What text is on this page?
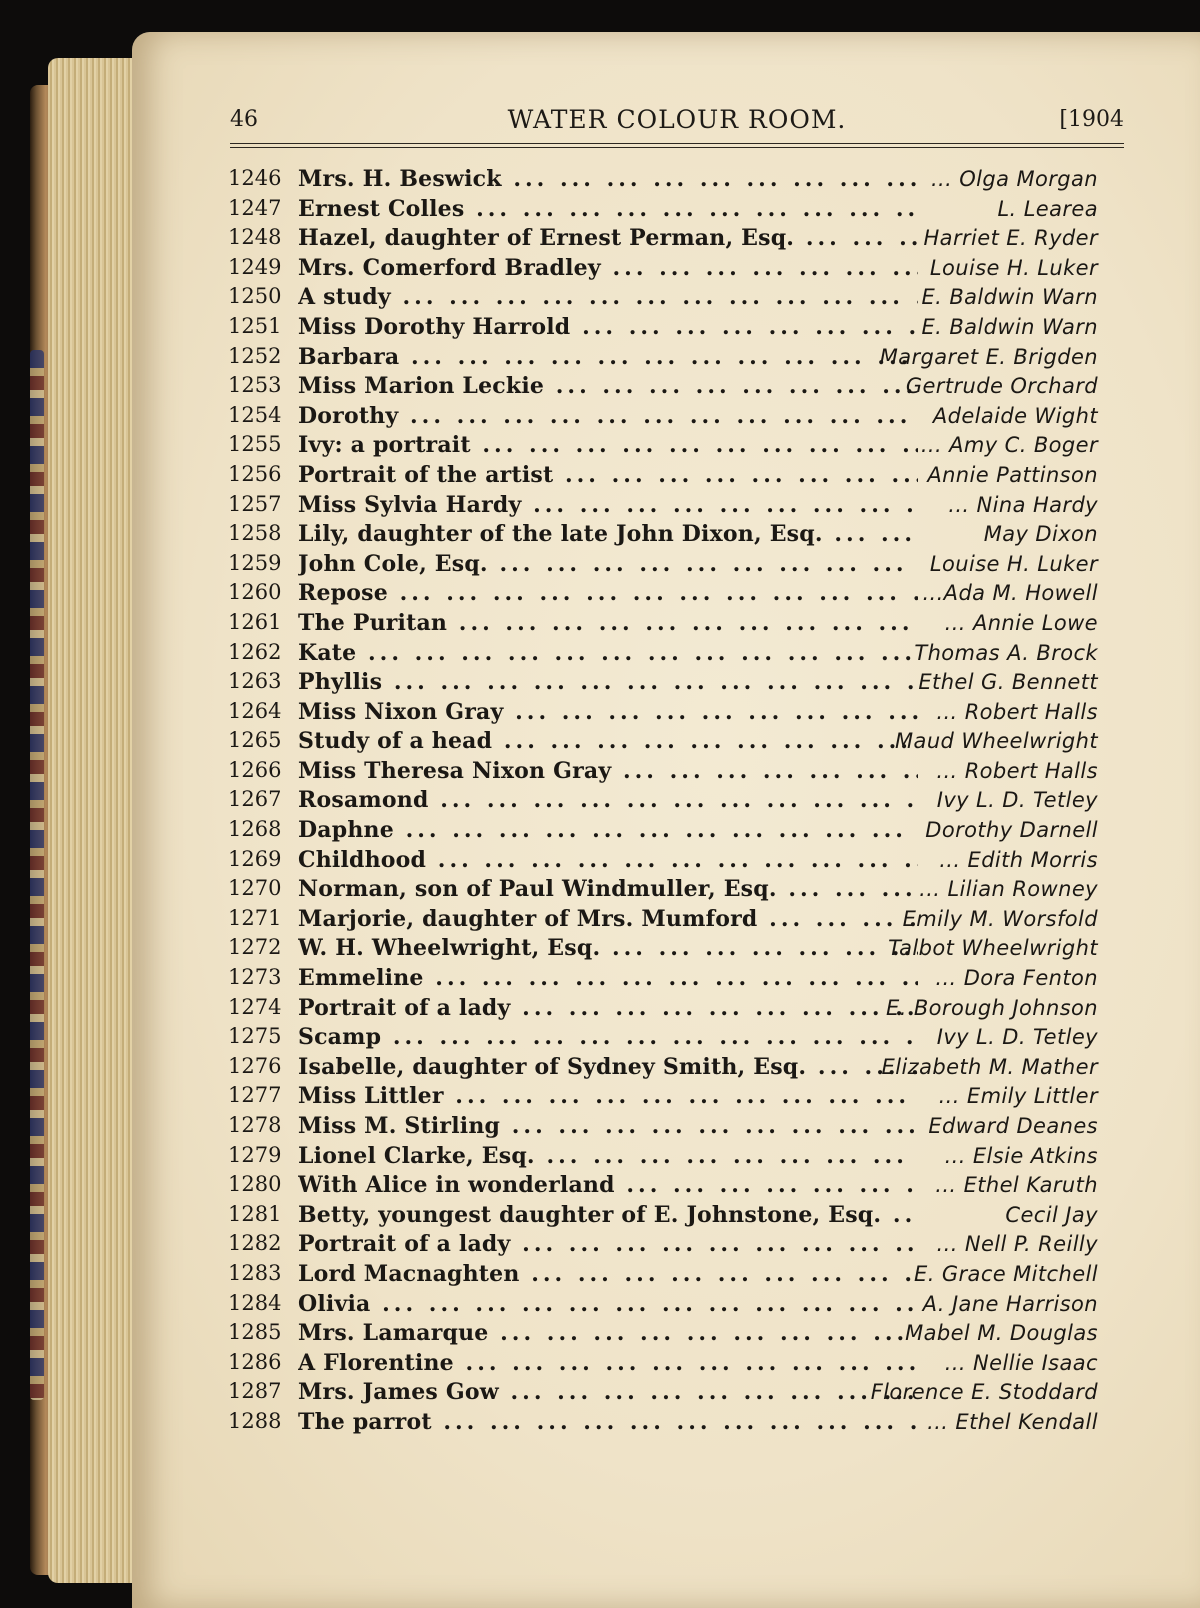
46	WATER COLOUR ROOM.	[1904
1246 Mrs. H. Beswick ... .	... Olga Morgan
1247 Ernest Colles ... .	L. Learea
1248 Hazel, daughter of Ernest Perman, Esq. ... .	Harriet E. Ryder
1249 Mrs. Comerford Bradley ... .	Louise H. Luker
1250 A study ... .	E. Baldwin Warn
1251 Miss Dorothy Harrold ... .	E. Baldwin Warn
1252 Barbara ... .	Margaret E. Brigden
1253 Miss Marion Leckie ... .	Gertrude Orchard
1254 Dorothy ... .	Adelaide Wight
1255 Ivy: a portrait ... .	... Amy C. Boger
1256 Portrait of the artist ... .	Annie Pattinson
1257 Miss Sylvia Hardy ... .	... Nina Hardy
1258 Lily, daughter of the late John Dixon, Esq. ... .	May Dixon
1259 John Cole, Esq. ... .	Louise H. Luker
1260 Repose ... .	...Ada M. Howell
1261 The Puritan ... .	... Annie Lowe
1262 Kate ... .	Thomas A. Brock
1263 Phyllis ... .	Ethel G. Bennett
1264 Miss Nixon Gray ... .	... Robert Halls
1265 Study of a head ... .	Maud Wheelwright
1266 Miss Theresa Nixon Gray ... .	... Robert Halls
1267 Rosamond ... .	Ivy L. D. Tetley
1268 Daphne ... .	Dorothy Darnell
1269 Childhood ... .	... Edith Morris
1270 Norman, son of Paul Windmuller, Esq. ... .	... Lilian Rowney
1271 Marjorie, daughter of Mrs. Mumford ... .	Emily M. Worsfold
1272 W. H. Wheelwright, Esq. ... .	Talbot Wheelwright
1273 Emmeline ... .	... Dora Fenton
1274 Portrait of a lady ... .	E. Borough Johnson
1275 Scamp ... .	Ivy L. D. Tetley
1276 Isabelle, daughter of Sydney Smith, Esq. ... .	Elizabeth M. Mather
1277 Miss Littler ... .	... Emily Littler
1278 Miss M. Stirling ... .	Edward Deanes
1279 Lionel Clarke, Esq. ... .	... Elsie Atkins
1280 With Alice in wonderland ... .	... Ethel Karuth
1281 Betty, youngest daughter of E. Johnstone, Esq. ... .	Cecil Jay
1282 Portrait of a lady ... .	... Nell P. Reilly
1283 Lord Macnaghten ... .	E. Grace Mitchell
1284 Olivia ... .	A. Jane Harrison
1285 Mrs. Lamarque ... .	Mabel M. Douglas
1286 A Florentine ... .	... Nellie Isaac
1287 Mrs. James Gow ... .	Florence E. Stoddard
1288 The parrot ... .	... Ethel Kendall
